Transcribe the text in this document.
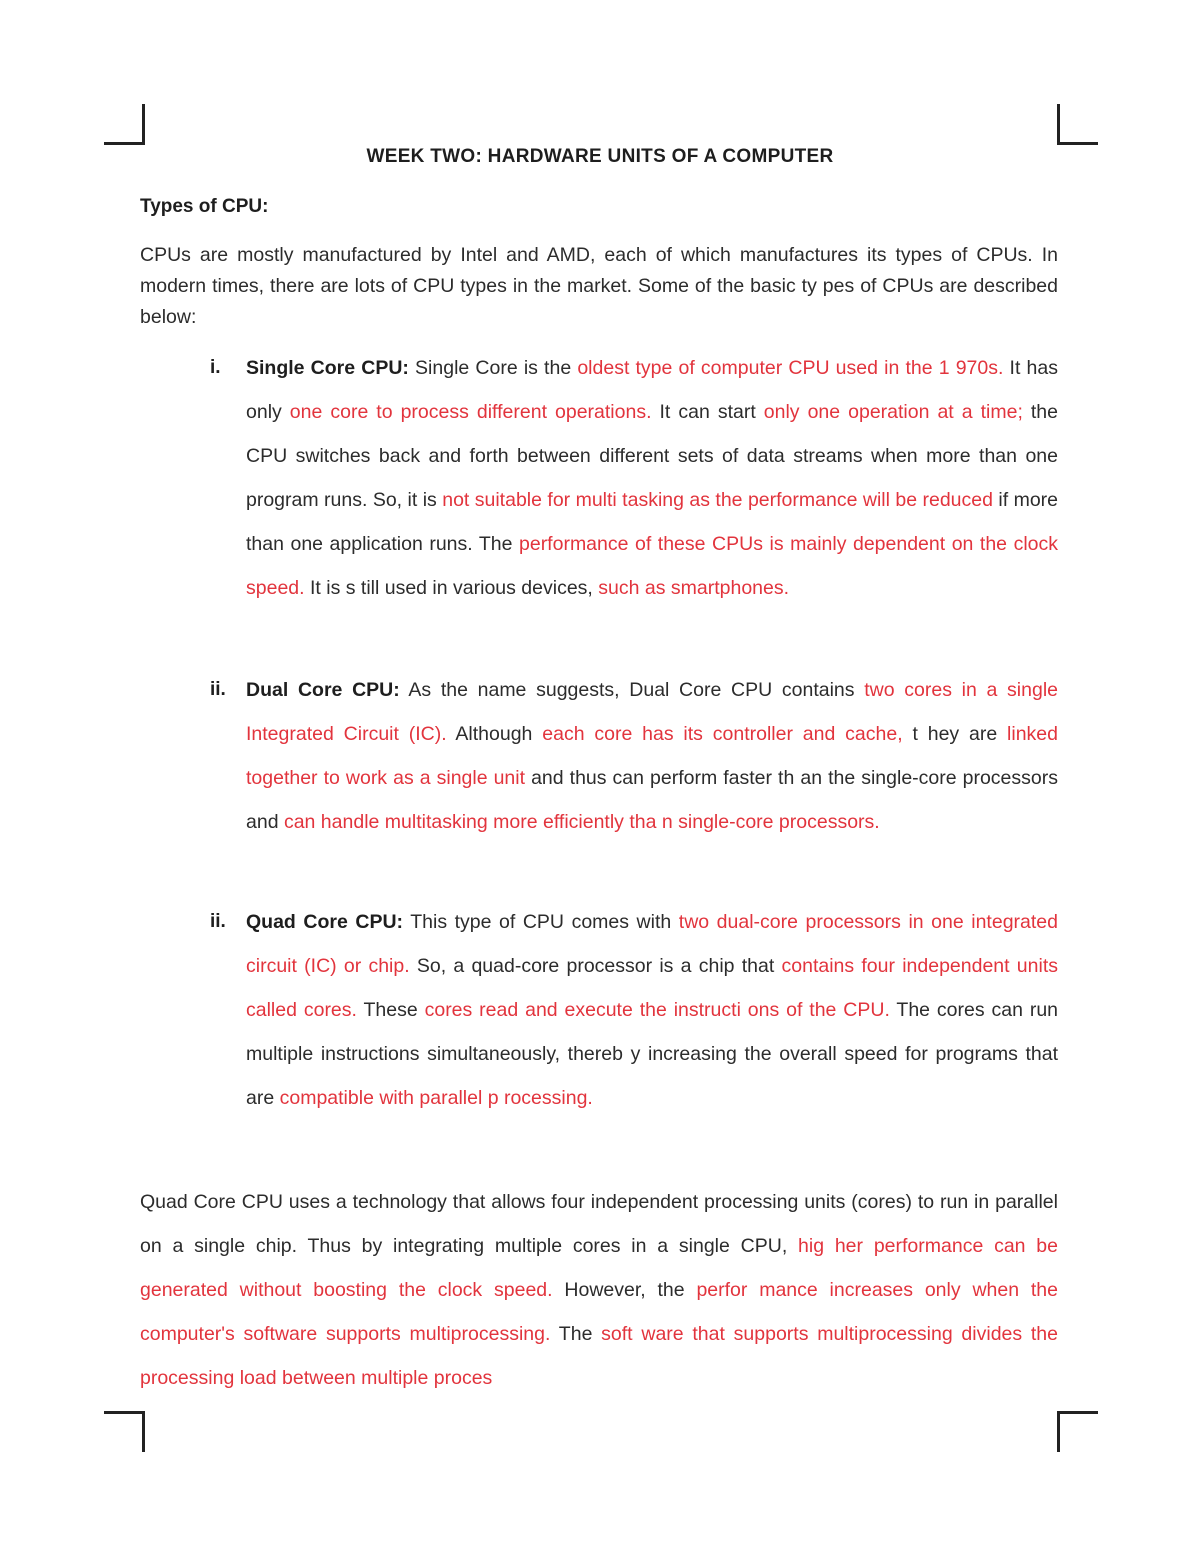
WEEK TWO: HARDWARE UNITS OF A COMPUTER
Types of CPU:

CPUs are mostly manufactured by Intel and AMD, each of which manufactures its types of CPUs. In modern times, there are lots of CPU types in the market. Some of the basic ty pes of CPUs are described below:

i. Single Core CPU: Single Core is the oldest type of computer CPU used in the 1 970s. It has only one core to process different operations. It can start only one operation at a time; the CPU switches back and forth between different sets of data streams when more than one program runs. So, it is not suitable for multi tasking as the performance will be reduced if more than one application runs. The performance of these CPUs is mainly dependent on the clock speed. It is s till used in various devices, such as smartphones.

ii. Dual Core CPU: As the name suggests, Dual Core CPU contains two cores in a single Integrated Circuit (IC). Although each core has its controller and cache, t hey are linked together to work as a single unit and thus can perform faster th an the single-core processors and can handle multitasking more efficiently tha n single-core processors.

ii. Quad Core CPU: This type of CPU comes with two dual-core processors in one integrated circuit (IC) or chip. So, a quad-core processor is a chip that contains four independent units called cores. These cores read and execute the instructi ons of the CPU. The cores can run multiple instructions simultaneously, thereb y increasing the overall speed for programs that are compatible with parallel p rocessing.

Quad Core CPU uses a technology that allows four independent processing units (cores) to run in parallel on a single chip. Thus by integrating multiple cores in a single CPU, hig her performance can be generated without boosting the clock speed. However, the perfor mance increases only when the computer's software supports multiprocessing. The soft ware that supports multiprocessing divides the processing load between multiple proces
